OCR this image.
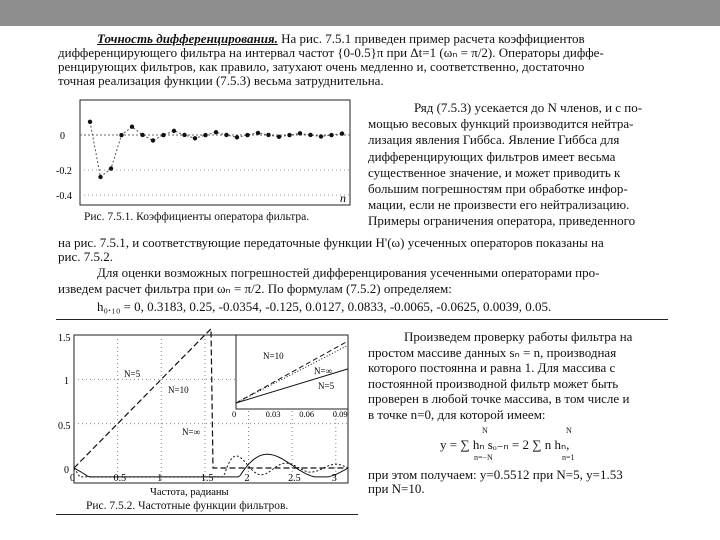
Точность дифференцирования. На рис. 7.5.1 приведен пример расчета коэффициентов
дифференцирующего фильтра на интервал частот {0-0.5}π при Δt=1 (ωₙ = π/2). Операторы диффе-
ренцирующих фильтров, как правило, затухают очень медленно и, соответственно, достаточно
точная реализация функции (7.5.3) весьма затруднительна.
0
-0.2
-0.4	n
Рис. 7.5.1. Коэффициенты оператора фильтра.
Ряд (7.5.3) усекается до N членов, и с по-
мощью весовых функций производится нейтра-
лизация явления Гиббса. Явление Гиббса для
дифференцирующих фильтров имеет весьма
существенное значение, и может приводить к
большим погрешностям при обработке инфор-
мации, если не произвести его нейтрализацию.
Примеры ограничения оператора, приведенного
на рис. 7.5.1, и соответствующие передаточные функции H'(ω) усеченных операторов показаны на
рис. 7.5.2.
Для оценки возможных погрешностей дифференцирования усеченными операторами про-
изведем расчет фильтра при ωₙ = π/2. По формулам (7.5.2) определяем:
h₀.₁₀ = 0, 0.3183, 0.25, -0.0354, -0.125, 0.0127, 0.0833, -0.0065, -0.0625, 0.0039, 0.05.
0	0.03 0.06 0.09
1.5
1
0.5
0
0	0.5	1	1.5	2	2.5	3
N=5
N=10
N=∞
N=10
N=∞
N=5
Частота, радианы
Рис. 7.5.2. Частотные функции фильтров.
Произведем проверку работы фильтра на
простом массиве данных sₙ = n, производная
которого постоянна и равна 1. Для массива с
постоянной производной фильтр может быть
проверен в любой точке массива, в том числе и
в точке n=0, для которой имеем:
y = ∑ hₙ sₒ₋ₙ = 2 ∑ n hₙ,
N
n=−N
N
n=1
при этом получаем: y=0.5512 при N=5, y=1.53
при N=10.
